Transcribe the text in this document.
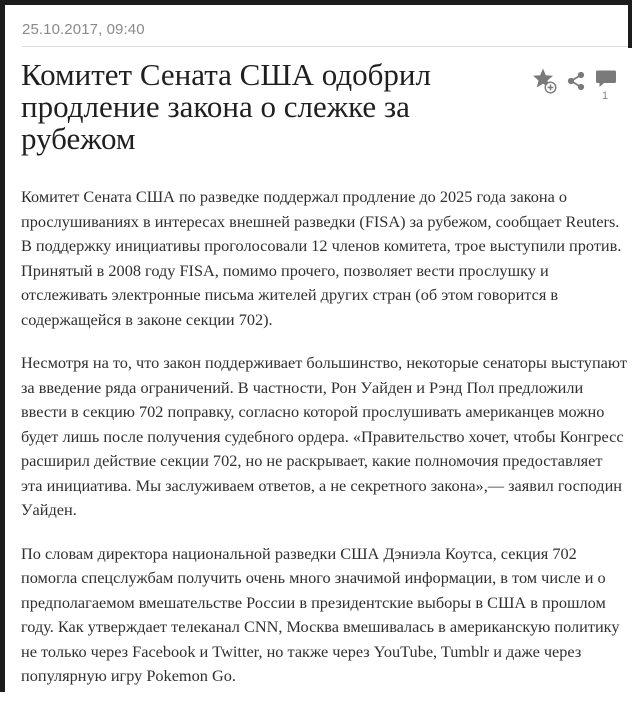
25.10.2017, 09:40
Комитет Сената США одобрил продление закона о слежке за рубежом
1

Комитет Сената США по разведке поддержал продление до 2025 года закона о прослушиваниях в интересах внешней разведки (FISA) за рубежом, сообщает Reuters. В поддержку инициативы проголосовали 12 членов комитета, трое выступили против. Принятый в 2008 году FISA, помимо прочего, позволяет вести прослушку и отслеживать электронные письма жителей других стран (об этом говорится в содержащейся в законе секции 702).

Несмотря на то, что закон поддерживает большинство, некоторые сенаторы выступают за введение ряда ограничений. В частности, Рон Уайден и Рэнд Пол предложили ввести в секцию 702 поправку, согласно которой прослушивать американцев можно будет лишь после получения судебного ордера. «Правительство хочет, чтобы Конгресс расширил действие секции 702, но не раскрывает, какие полномочия предоставляет эта инициатива. Мы заслуживаем ответов, а не секретного закона»,— заявил господин Уайден.

По словам директора национальной разведки США Дэниэла Коутса, секция 702 помогла спецслужбам получить очень много значимой информации, в том числе и о предполагаемом вмешательстве России в президентские выборы в США в прошлом году. Как утверждает телеканал CNN, Москва вмешивалась в американскую политику не только через Facebook и Twitter, но также через YouTube, Tumblr и даже через популярную игру Pokemon Go.
